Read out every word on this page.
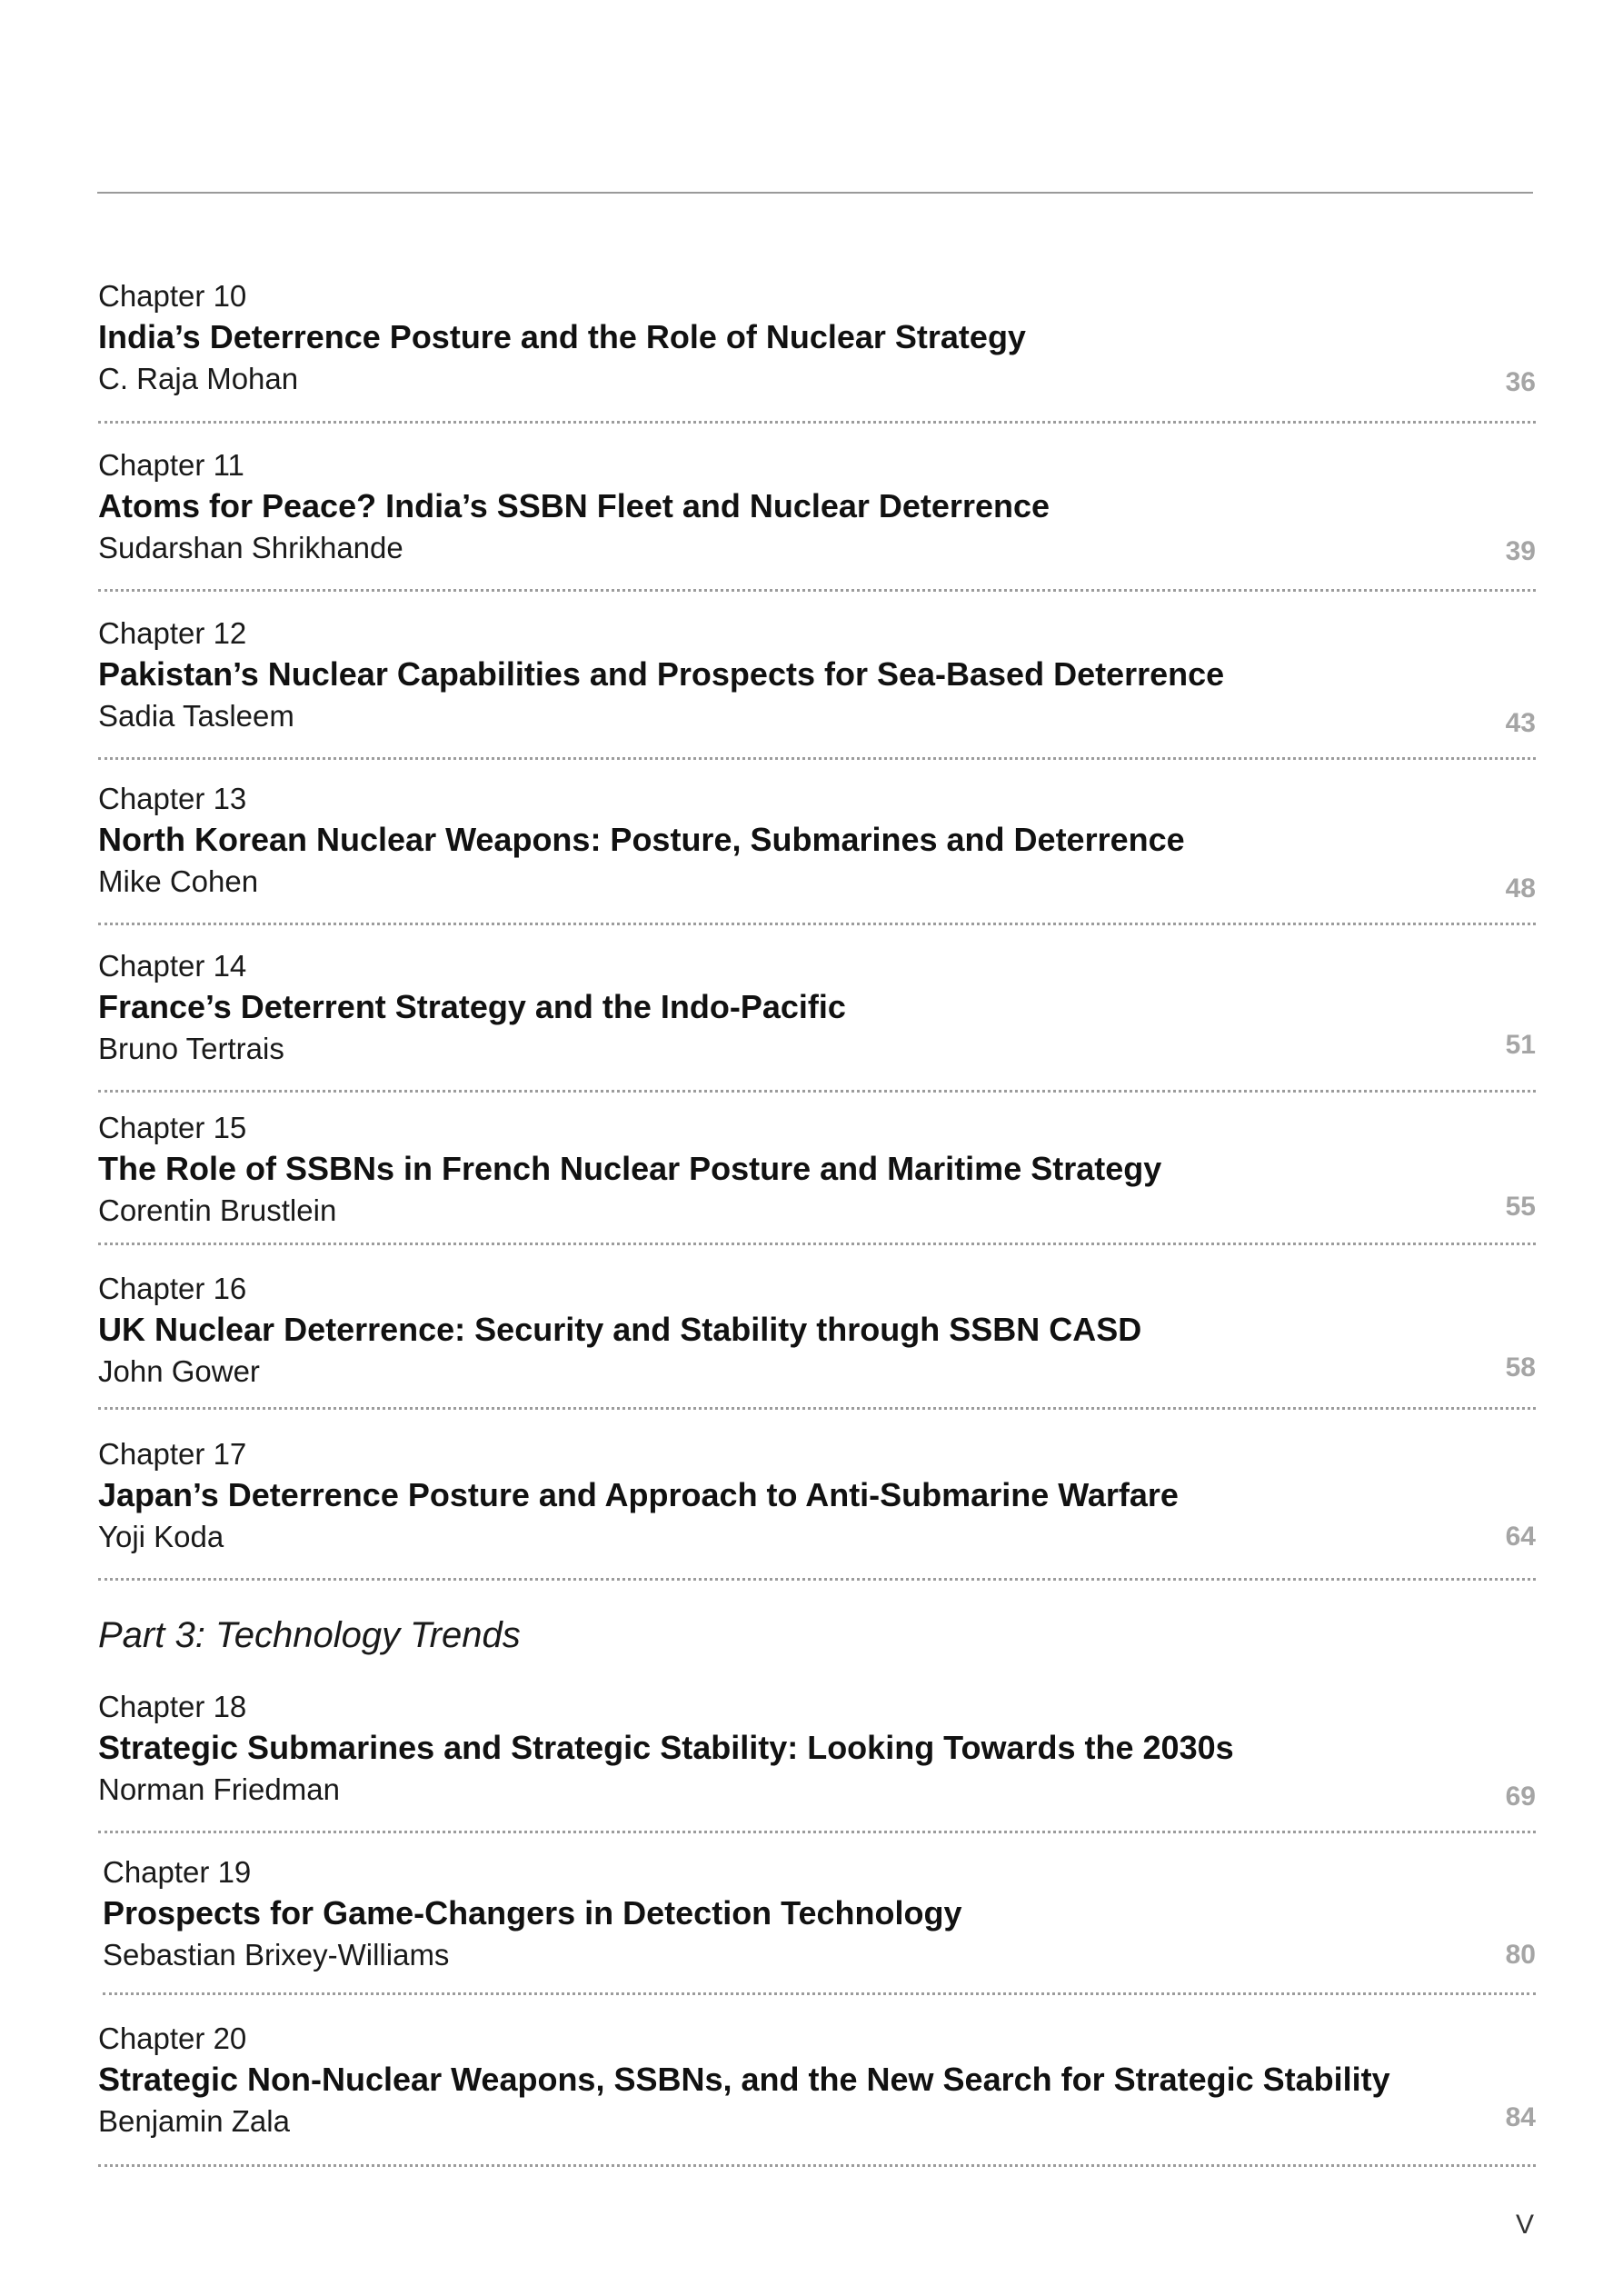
Chapter 10
India’s Deterrence Posture and the Role of Nuclear Strategy
C. Raja Mohan	36
Chapter 11
Atoms for Peace? India’s SSBN Fleet and Nuclear Deterrence
Sudarshan Shrikhande	39
Chapter 12
Pakistan’s Nuclear Capabilities and Prospects for Sea-Based Deterrence
Sadia Tasleem	43
Chapter 13
North Korean Nuclear Weapons: Posture, Submarines and Deterrence
Mike Cohen	48
Chapter 14
France’s Deterrent Strategy and the Indo-Pacific
Bruno Tertrais	51
Chapter 15
The Role of SSBNs in French Nuclear Posture and Maritime Strategy
Corentin Brustlein	55
Chapter 16
UK Nuclear Deterrence: Security and Stability through SSBN CASD
John Gower	58
Chapter 17
Japan’s Deterrence Posture and Approach to Anti-Submarine Warfare
Yoji Koda	64
Part 3: Technology Trends
Chapter 18
Strategic Submarines and Strategic Stability: Looking Towards the 2030s
Norman Friedman	69
Chapter 19
Prospects for Game-Changers in Detection Technology
Sebastian Brixey-Williams	80
Chapter 20
Strategic Non-Nuclear Weapons, SSBNs, and the New Search for Strategic Stability
Benjamin Zala	84
V
